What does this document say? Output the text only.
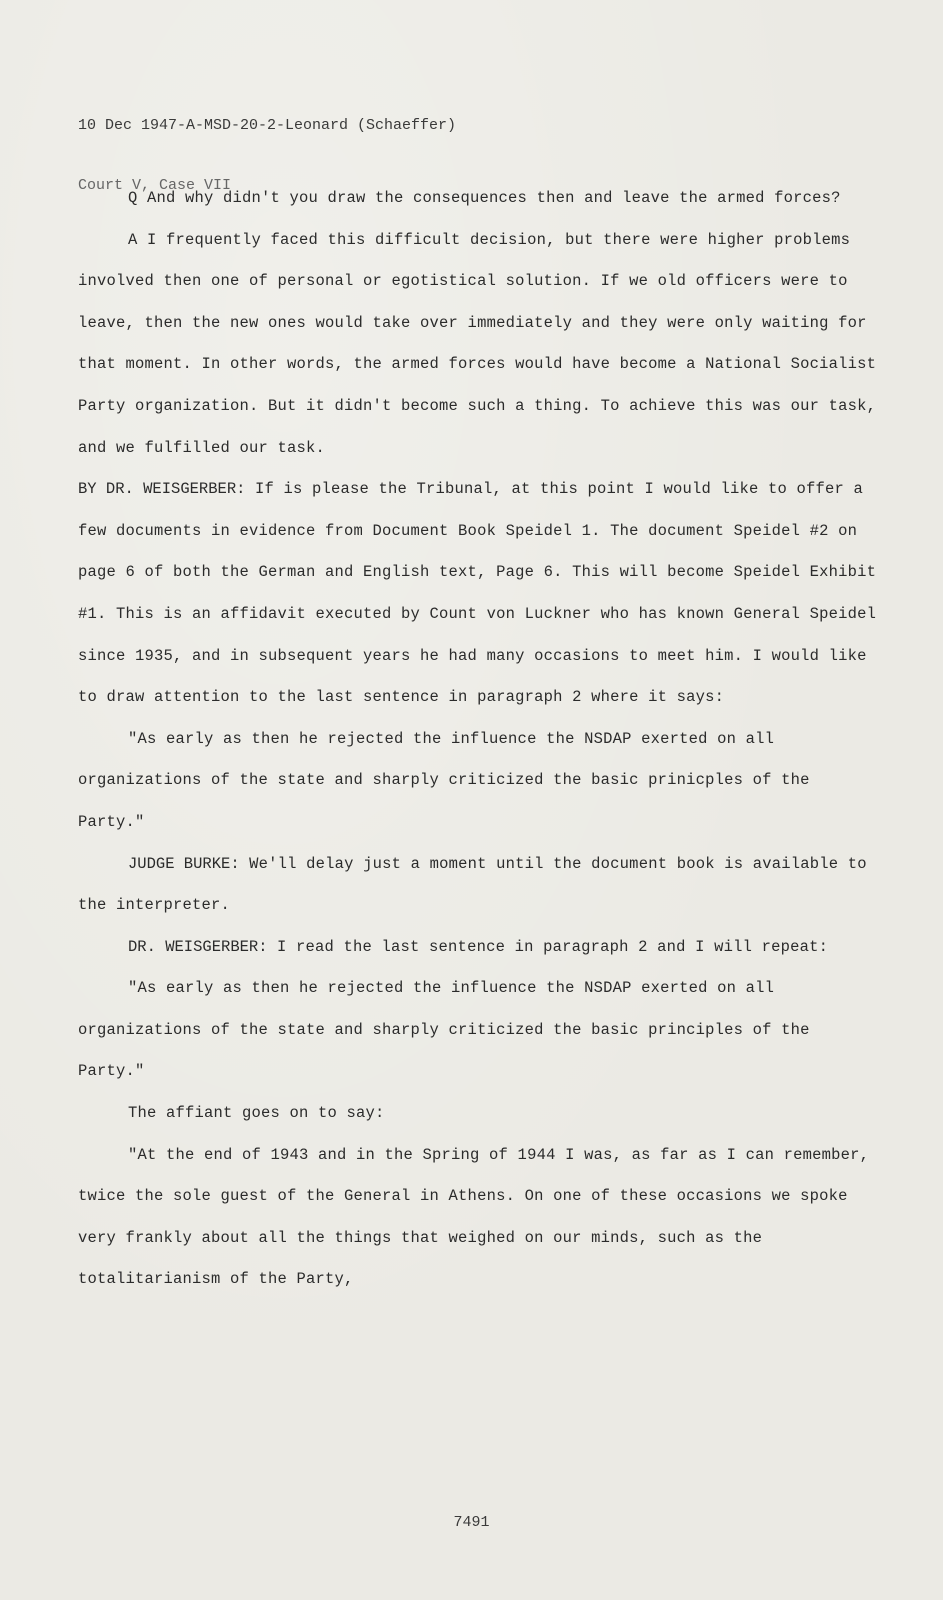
10 Dec 1947-A-MSD-20-2-Leonard (Schaeffer)

Court V, Case VII

Q And why didn't you draw the consequences then and leave the armed forces?

A I frequently faced this difficult decision, but there were higher problems involved then one of personal or egotistical solution. If we old officers were to leave, then the new ones would take over immediately and they were only waiting for that moment. In other words, the armed forces would have become a National Socialist Party organization. But it didn't become such a thing. To achieve this was our task, and we fulfilled our task.

BY DR. WEISGERBER: If is please the Tribunal, at this point I would like to offer a few documents in evidence from Document Book Speidel 1. The document Speidel #2 on page 6 of both the German and English text, Page 6. This will become Speidel Exhibit #1. This is an affidavit executed by Count von Luckner who has known General Speidel since 1935, and in subsequent years he had many occasions to meet him. I would like to draw attention to the last sentence in paragraph 2 where it says:

"As early as then he rejected the influence the NSDAP exerted on all organizations of the state and sharply criticized the basic prinicples of the Party."

JUDGE BURKE: We'll delay just a moment until the document book is available to the interpreter.

DR. WEISGERBER: I read the last sentence in paragraph 2 and I will repeat:

"As early as then he rejected the influence the NSDAP exerted on all organizations of the state and sharply criticized the basic principles of the Party."

The affiant goes on to say:

"At the end of 1943 and in the Spring of 1944 I was, as far as I can remember, twice the sole guest of the General in Athens. On one of these occasions we spoke very frankly about all the things that weighed on our minds, such as the totalitarianism of the Party,

7491
